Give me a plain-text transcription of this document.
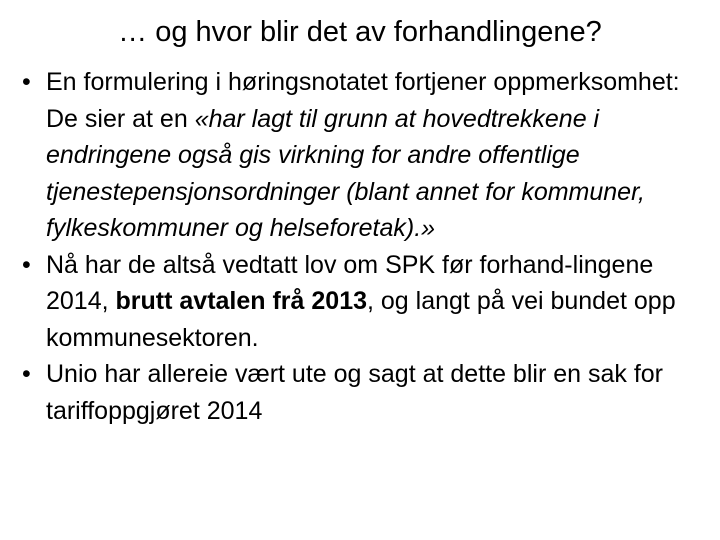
… og hvor blir det av forhandlingene?
• En formulering i høringsnotatet fortjener oppmerksomhet: De sier at en «har lagt til grunn at hovedtrekkene i endringene også gis virkning for andre offentlige tjenestepensjonsordninger (blant annet for kommuner, fylkeskommuner og helseforetak).»
• Nå har de altså vedtatt lov om SPK før forhand-lingene 2014, brutt avtalen frå 2013, og langt på vei bundet opp kommunesektoren.
• Unio har allereie vært ute og sagt at dette blir en sak for tariffoppgjøret 2014
